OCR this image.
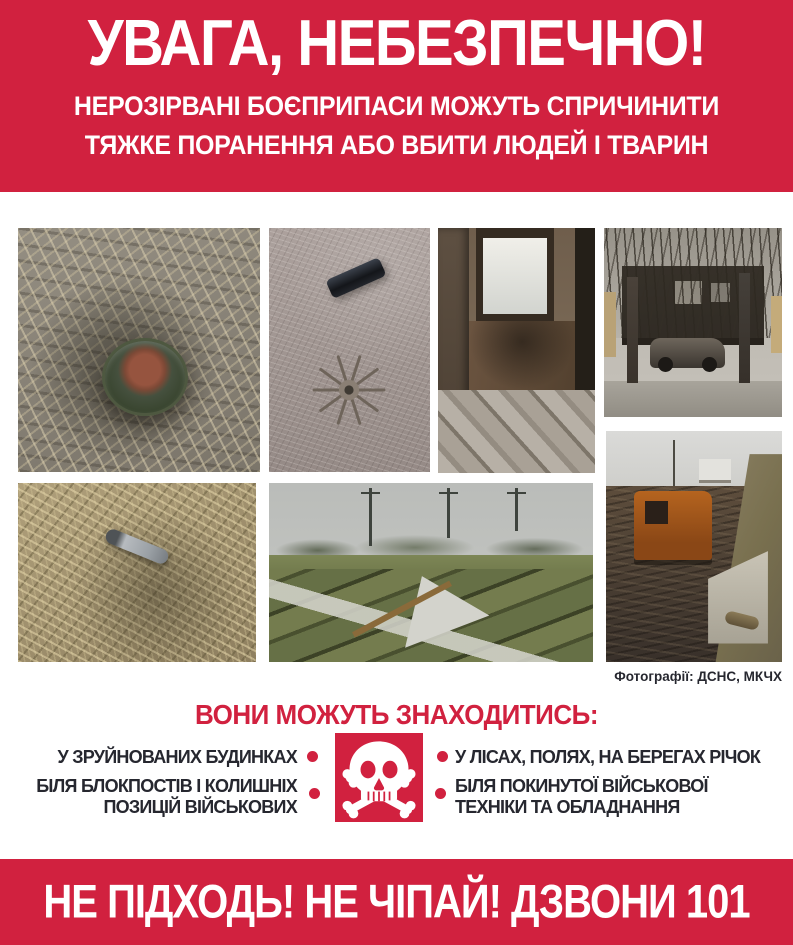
УВАГА, НЕБЕЗПЕЧНО!
НЕРОЗІРВАНІ БОЄПРИПАСИ МОЖУТЬ СПРИЧИНИТИ
ТЯЖКЕ ПОРАНЕННЯ АБО ВБИТИ ЛЮДЕЙ І ТВАРИН
Фотографії: ДСНС, МКЧХ
ВОНИ МОЖУТЬ ЗНАХОДИТИСЬ:
У ЗРУЙНОВАНИХ БУДИНКАХ
БІЛЯ БЛОКПОСТІВ І КОЛИШНІХ ПОЗИЦІЙ ВІЙСЬКОВИХ
У ЛІСАХ, ПОЛЯХ, НА БЕРЕГАХ РІЧОК
БІЛЯ ПОКИНУТОЇ ВІЙСЬКОВОЇ ТЕХНІКИ ТА ОБЛАДНАННЯ
НЕ ПІДХОДЬ! НЕ ЧІПАЙ! ДЗВОНИ 101
